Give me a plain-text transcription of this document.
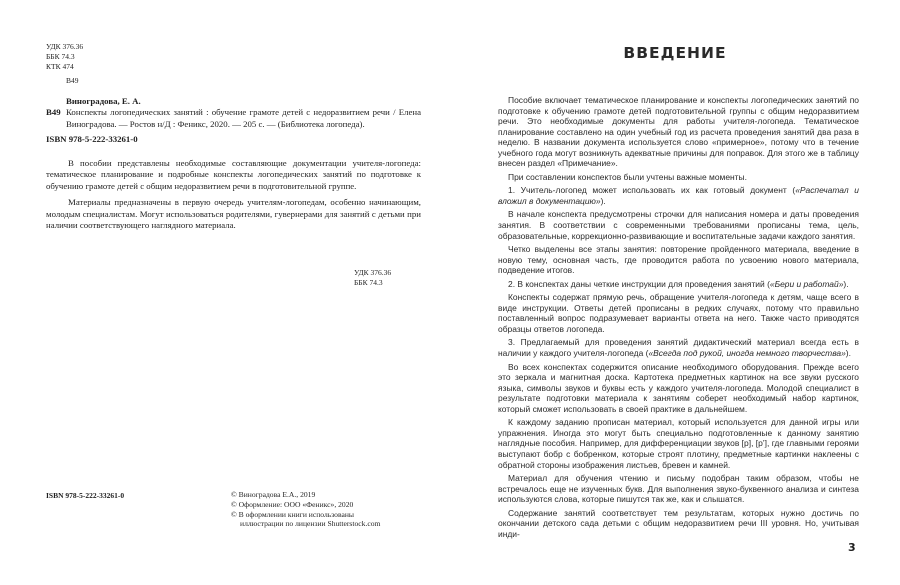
УДК 376.36
ББК 74.3
КТК 474
В49
Виноградова, Е. А.
В49 Конспекты логопедических занятий : обучение грамоте детей с недоразвитием речи / Елена Виноградова. — Ростов н/Д : Феникс, 2020. — 205 с. — (Библиотека логопеда).
ISBN 978-5-222-33261-0

В пособии представлены необходимые составляющие документации учителя-логопеда: тематическое планирование и подробные конспекты логопедических занятий по подготовке к обучению грамоте детей с общим недоразвитием речи в подготовительной группе.

Материалы предназначены в первую очередь учителям-логопедам, особенно начинающим, молодым специалистам. Могут использоваться родителями, гувернерами для занятий с детьми при наличии соответствующего наглядного материала.

УДК 376.36
ББК 74.3
ISBN 978-5-222-33261-0	© Виноградова Е.А., 2019
© Оформление: ООО «Феникс», 2020
© В оформлении книги использованы
иллюстрации по лицензии Shutterstock.com
ВВЕДЕНИЕ

Пособие включает тематическое планирование и конспекты логопедических занятий по подготовке к обучению грамоте детей подготовительной группы с общим недоразвитием речи. Это необходимые документы для работы учителя-логопеда. Тематическое планирование составлено на один учебный год из расчета проведения занятий два раза в неделю. В названии документа используется слово «примерное», потому что в течение учебного года могут возникнуть адекватные причины для поправок. Для этого же в таблицу внесен раздел «Примечание».

При составлении конспектов были учтены важные моменты.

1. Учитель-логопед может использовать их как готовый документ («Распечатал и вложил в документацию»).

В начале конспекта предусмотрены строчки для написания номера и даты проведения занятия. В соответствии с современными требованиями прописаны тема, цель, образовательные, коррекционно-развивающие и воспитательные задачи каждого занятия.

Четко выделены все этапы занятия: повторение пройденного материала, введение в новую тему, основная часть, где проводится работа по усвоению нового материала, подведение итогов.

2. В конспектах даны четкие инструкции для проведения занятий («Бери и работай»).

Конспекты содержат прямую речь, обращение учителя-логопеда к детям, чаще всего в виде инструкции. Ответы детей прописаны в редких случаях, потому что правильно поставленный вопрос подразумевает варианты ответа на него. Также часто приводятся образцы ответов логопеда.

3. Предлагаемый для проведения занятий дидактический материал всегда есть в наличии у каждого учителя-логопеда («Всегда под рукой, иногда немного творчества»).

Во всех конспектах содержится описание необходимого оборудования. Прежде всего это зеркала и магнитная доска. Картотека предметных картинок на все звуки русского языка, символы звуков и буквы есть у каждого учителя-логопеда. Молодой специалист в результате подготовки материала к занятиям соберет необходимый набор картинок, который сможет использовать в своей практике в дальнейшем.

К каждому заданию прописан материал, который используется для данной игры или упражнения. Иногда это могут быть специально подготовленные к данному занятию наглядные пособия. Например, для дифференциации звуков [р], [р’], где главными героями выступают бобр с бобренком, которые строят плотину, предметные картинки наклеены с обратной стороны изображения листьев, бревен и камней.

Материал для обучения чтению и письму подобран таким образом, чтобы не встречалось еще не изученных букв. Для выполнения звуко-буквенного анализа и синтеза используются слова, которые пишутся так же, как и слышатся.

Содержание занятий соответствует тем результатам, которых нужно достичь по окончании детского сада детьми с общим недоразвитием речи III уровня. Но, учитывая инди-

3
